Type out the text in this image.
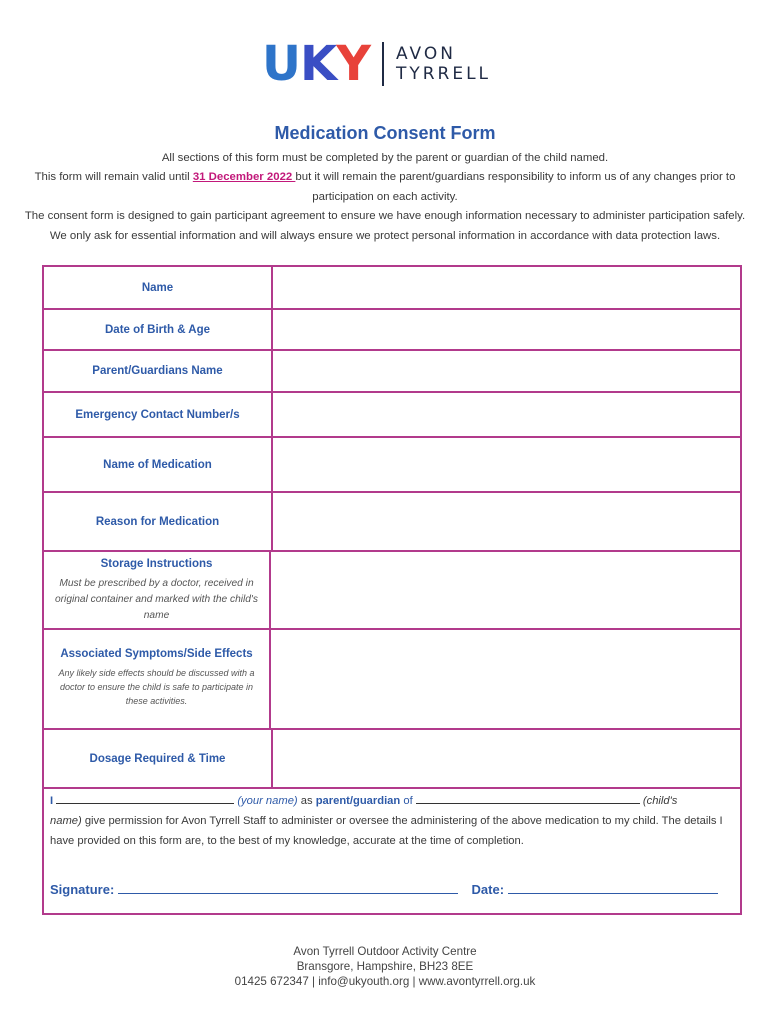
UKY AVON
TYRRELL
Medication Consent Form

All sections of this form must be completed by the parent or guardian of the child named.

This form will remain valid until 31 December 2022 but it will remain the parent/guardians responsibility to inform us of any changes prior to participation on each activity.

The consent form is designed to gain participant agreement to ensure we have enough information necessary to administer participation safely. We only ask for essential information and will always ensure we protect personal information in accordance with data protection laws.

Name
Date of Birth & Age
Parent/Guardians Name
Emergency Contact Number/s
Name of Medication
Reason for Medication
Storage Instructions
Must be prescribed by a doctor, received in original container and marked with the child's name
Associated Symptoms/Side Effects
Any likely side effects should be discussed with a doctor to ensure the child is safe to participate in these activities.
Dosage Required & Time
I	(your name) as parent/guardian of	(child's
name) give permission for Avon Tyrrell Staff to administer or oversee the administering of the above medication to my child. The details I have provided on this form are, to the best of my knowledge, accurate at the time of completion.
Signature:	Date:
Avon Tyrrell Outdoor Activity Centre
Bransgore, Hampshire, BH23 8EE
01425 672347 | info@ukyouth.org | www.avontyrrell.org.uk
